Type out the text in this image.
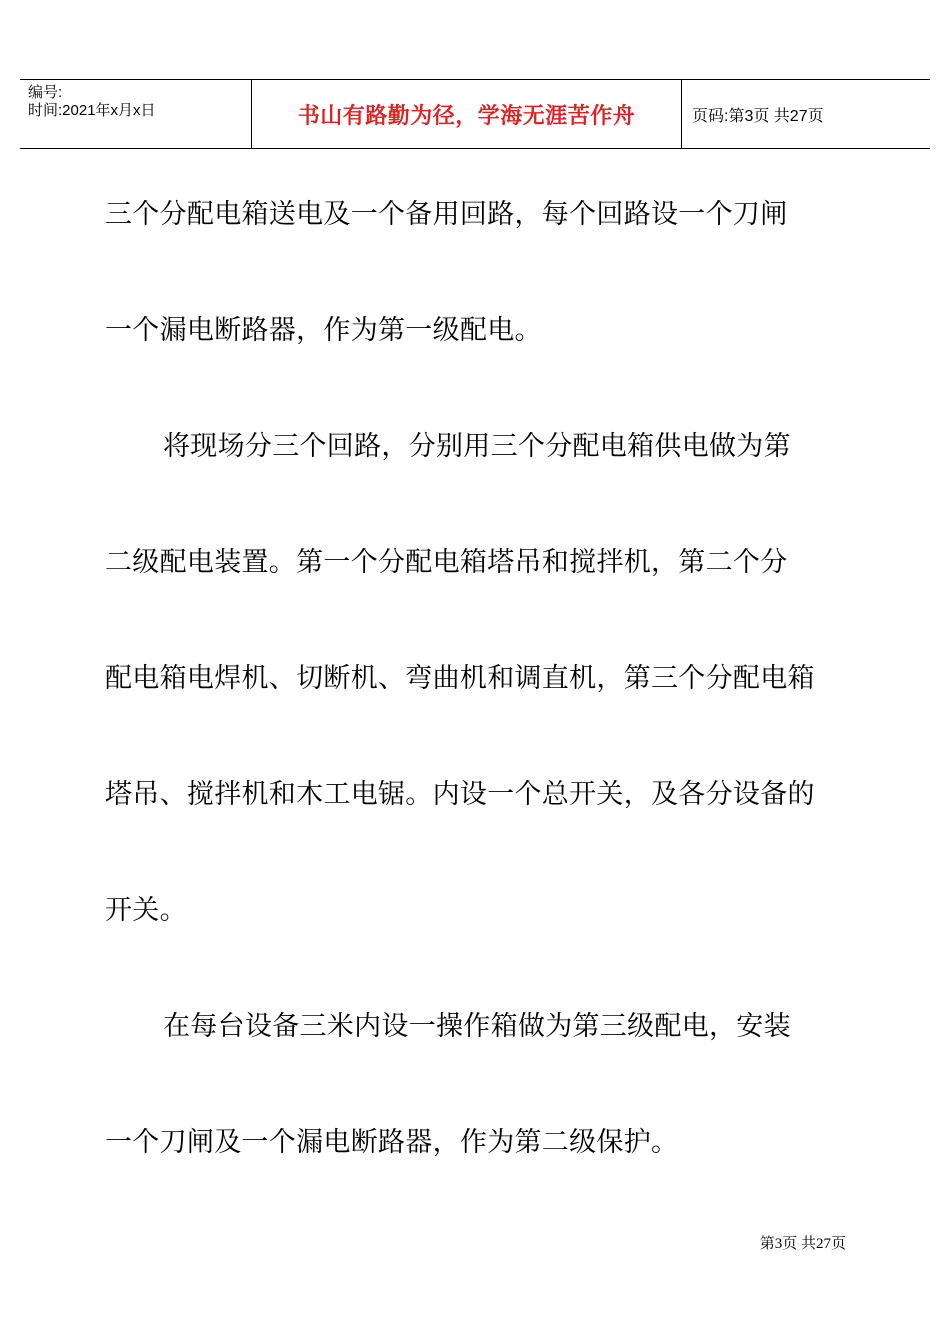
编号:
时间:2021年x月x日	书山有路勤为径，学海无涯苦作舟	页码:第3页 共27页
三个分配电箱送电及一个备用回路，每个回路设一个刀闸
一个漏电断路器，作为第一级配电。
将现场分三个回路，分别用三个分配电箱供电做为第
二级配电装置。第一个分配电箱塔吊和搅拌机，第二个分
配电箱电焊机、切断机、弯曲机和调直机，第三个分配电箱
塔吊、搅拌机和木工电锯。内设一个总开关，及各分设备的
开关。
在每台设备三米内设一操作箱做为第三级配电，安装
一个刀闸及一个漏电断路器，作为第二级保护。
第3页 共27页
